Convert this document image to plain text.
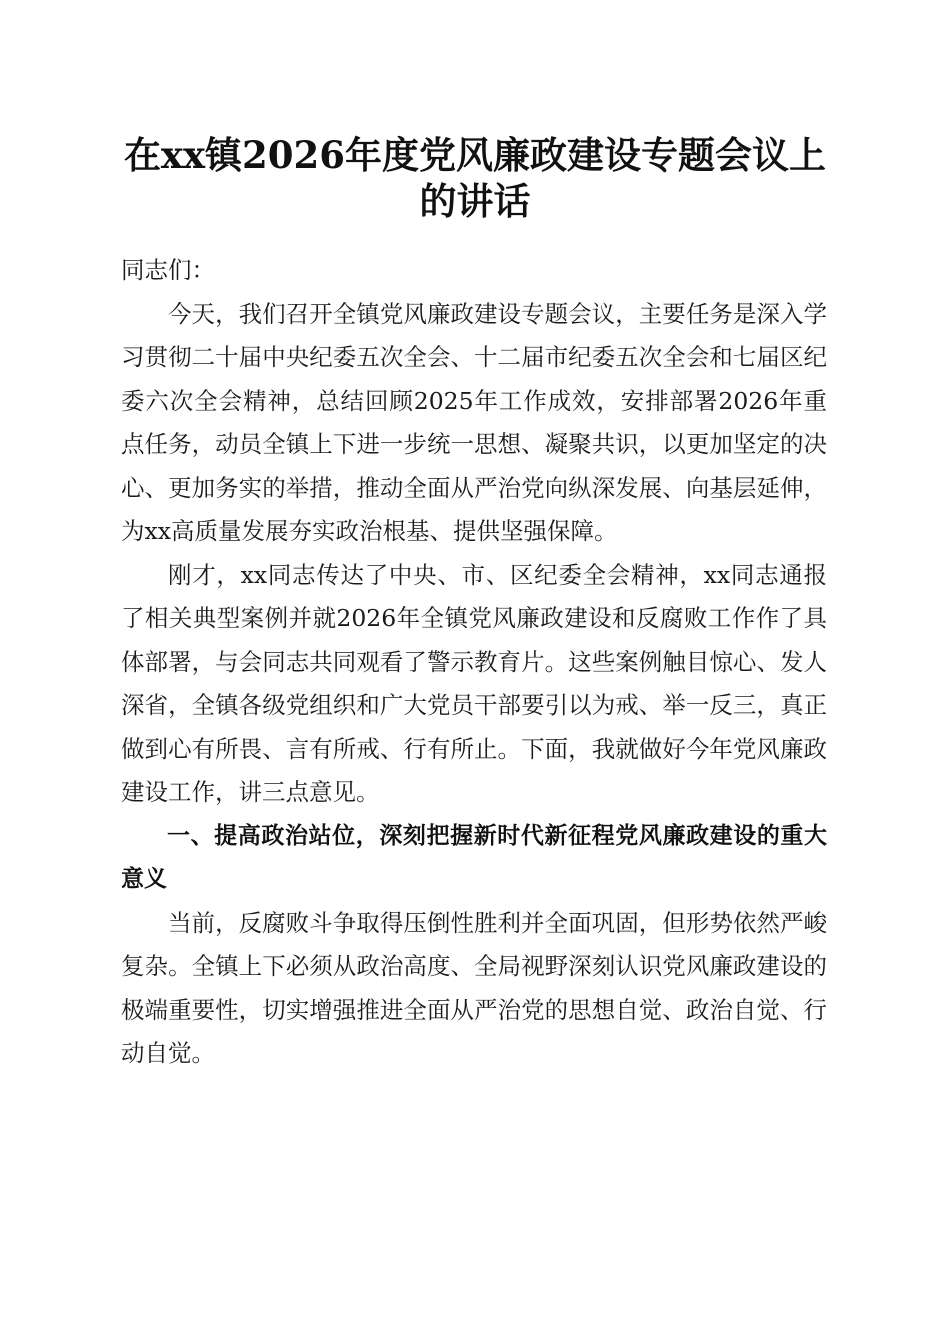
在xx镇2026年度党风廉政建设专题会议上的讲话

同志们：

今天，我们召开全镇党风廉政建设专题会议，主要任务是深入学习贯彻二十届中央纪委五次全会、十二届市纪委五次全会和七届区纪委六次全会精神，总结回顾2025年工作成效，安排部署2026年重点任务，动员全镇上下进一步统一思想、凝聚共识，以更加坚定的决心、更加务实的举措，推动全面从严治党向纵深发展、向基层延伸，为xx高质量发展夯实政治根基、提供坚强保障。

刚才，xx同志传达了中央、市、区纪委全会精神，xx同志通报了相关典型案例并就2026年全镇党风廉政建设和反腐败工作作了具体部署，与会同志共同观看了警示教育片。这些案例触目惊心、发人深省，全镇各级党组织和广大党员干部要引以为戒、举一反三，真正做到心有所畏、言有所戒、行有所止。下面，我就做好今年党风廉政建设工作，讲三点意见。

一、提高政治站位，深刻把握新时代新征程党风廉政建设的重大意义

当前，反腐败斗争取得压倒性胜利并全面巩固，但形势依然严峻复杂。全镇上下必须从政治高度、全局视野深刻认识党风廉政建设的极端重要性，切实增强推进全面从严治党的思想自觉、政治自觉、行动自觉。
